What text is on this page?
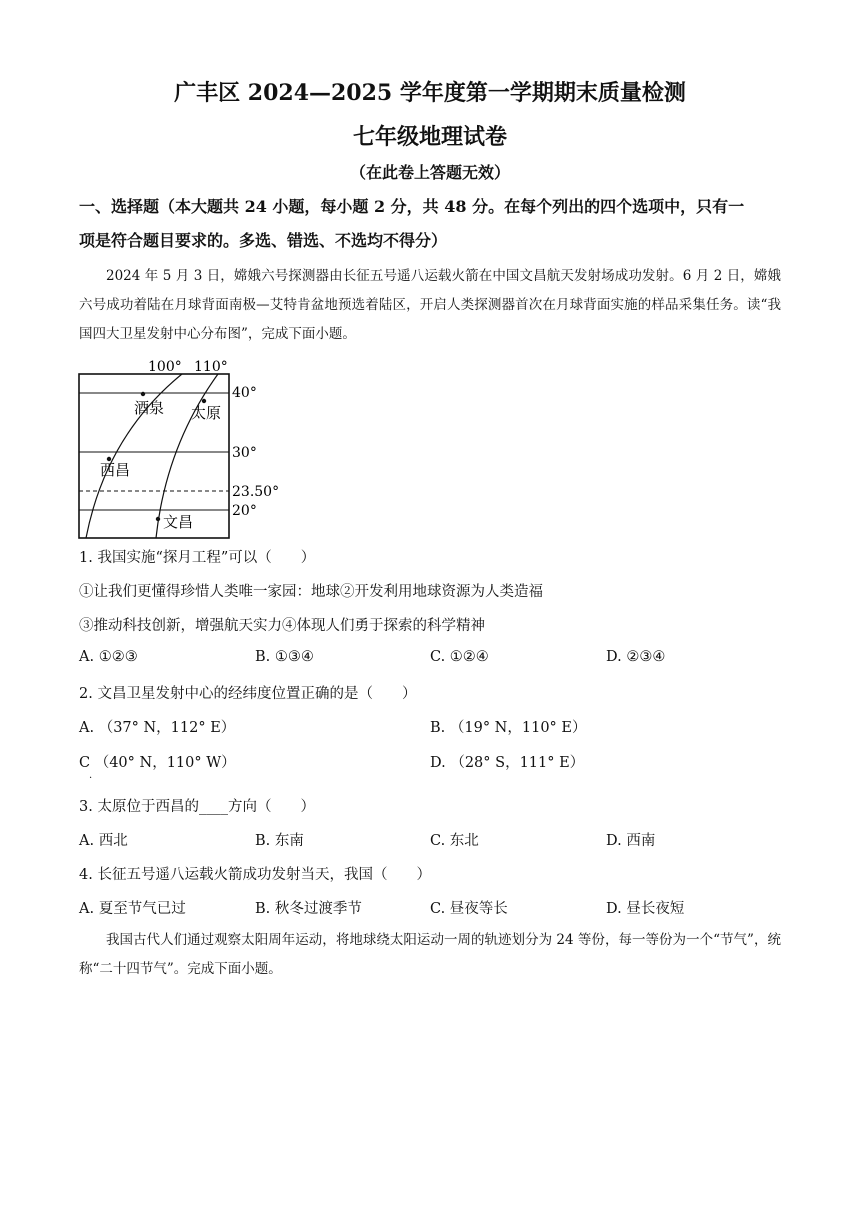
广丰区 2024—2025 学年度第一学期期末质量检测
七年级地理试卷
（在此卷上答题无效）
一、选择题（本大题共 24 小题，每小题 2 分，共 48 分。在每个列出的四个选项中，只有一
项是符合题目要求的。多选、错选、不选均不得分）
2024 年 5 月 3 日，嫦娥六号探测器由长征五号遥八运载火箭在中国文昌航天发射场成功发射。6 月 2 日，嫦娥六号成功着陆在月球背面南极—艾特肯盆地预选着陆区，开启人类探测器首次在月球背面实施的样品采集任务。读“我国四大卫星发射中心分布图”，完成下面小题。
100° 110°
40°
30°
23.50°
20°
酒泉 太原
西昌
文昌
1. 我国实施“探月工程”可以（　　）
①让我们更懂得珍惜人类唯一家园：地球②开发利用地球资源为人类造福
③推动科技创新，增强航天实力④体现人们勇于探索的科学精神
A. ①②③	B. ①③④	C. ①②④	D. ②③④
2. 文昌卫星发射中心的经纬度位置正确的是（　　）
A. （37° N，112° E）	B. （19° N，110° E）
C （40° N，110° W）
.
D. （28° S，111° E）
3. 太原位于西昌的____方向（　　）
A. 西北	B. 东南	C. 东北	D. 西南
4. 长征五号遥八运载火箭成功发射当天，我国（　　）
A. 夏至节气已过	B. 秋冬过渡季节	C. 昼夜等长	D. 昼长夜短
我国古代人们通过观察太阳周年运动，将地球绕太阳运动一周的轨迹划分为 24 等份，每一等份为一个“节气”，统称“二十四节气”。完成下面小题。
